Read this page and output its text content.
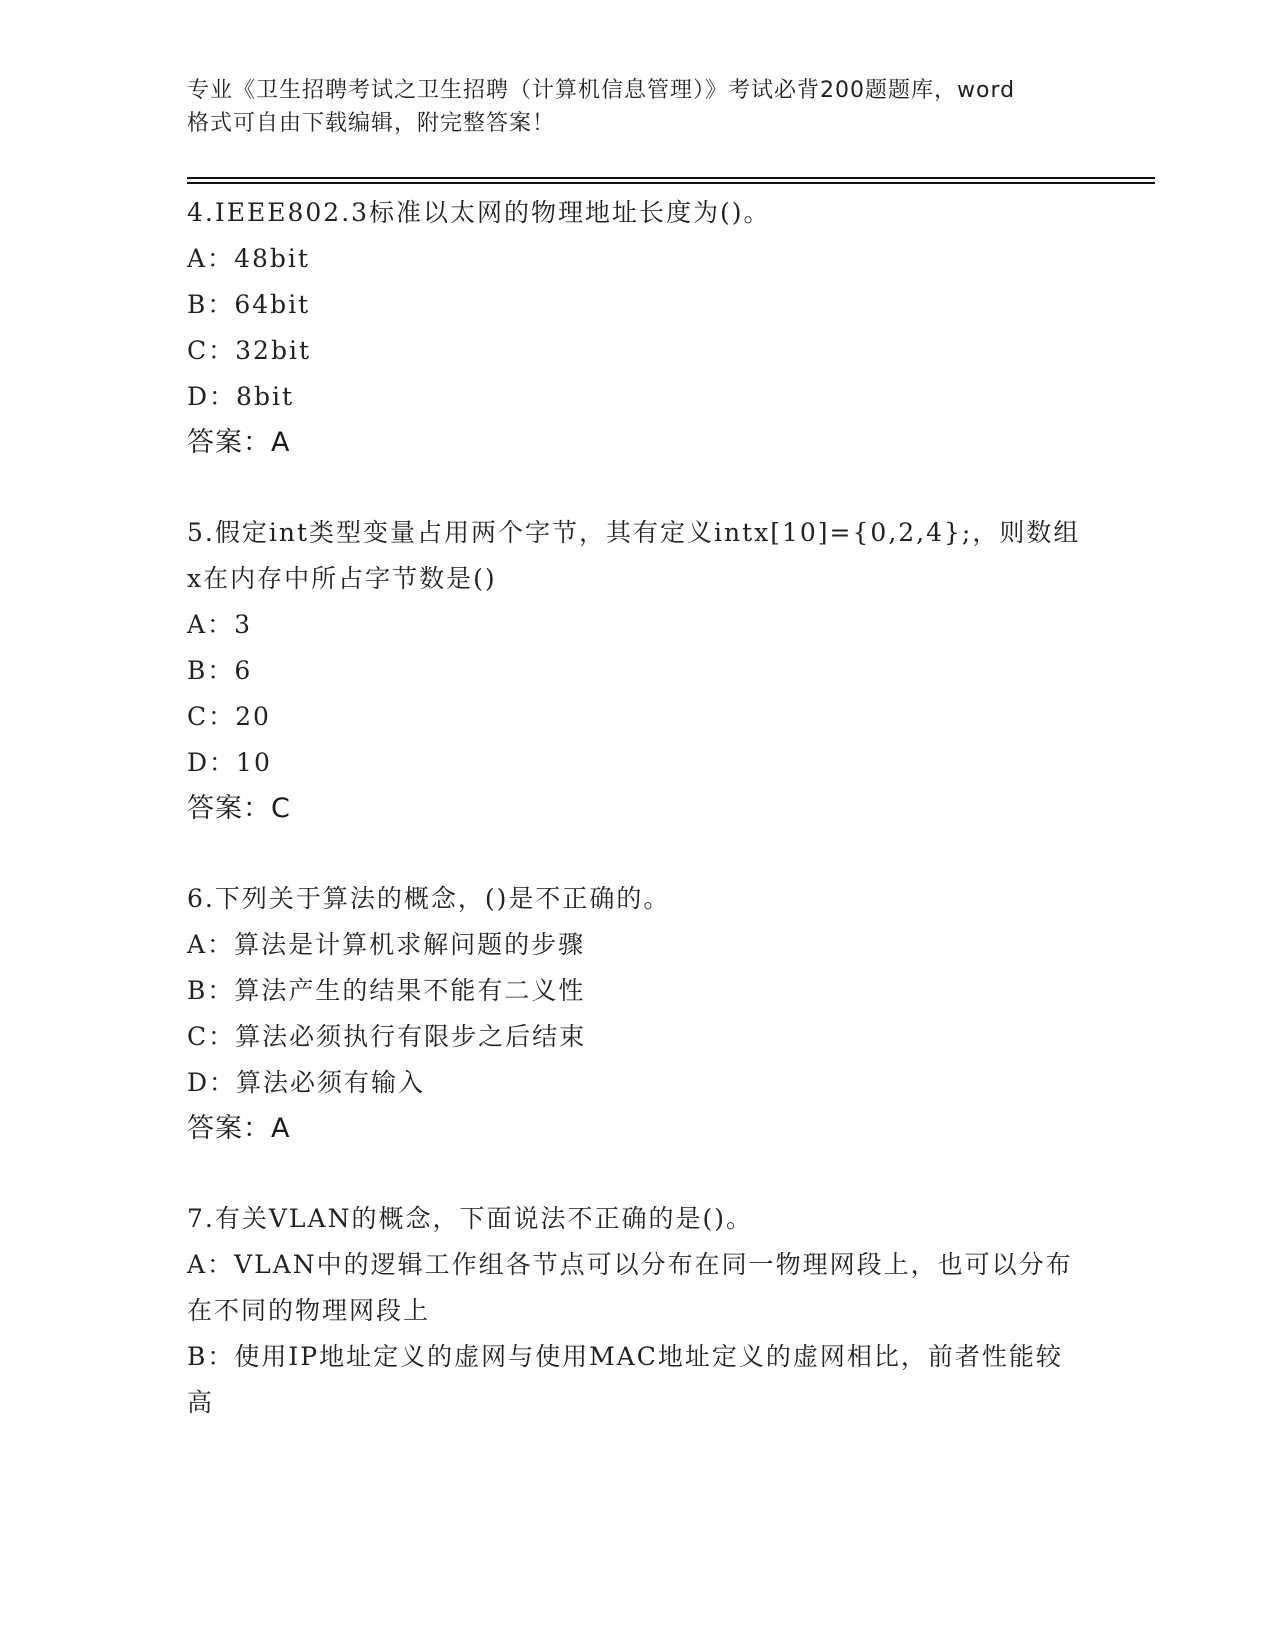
专业《卫生招聘考试之卫生招聘（计算机信息管理）》考试必背200题题库，word
格式可自由下载编辑，附完整答案！
4.IEEE802.3标准以太网的物理地址长度为()。
A：48bit
B：64bit
C：32bit
D：8bit
答案：A
5.假定int类型变量占用两个字节，其有定义intx[10]={0,2,4};，则数组x在内存中所占字节数是()
A：3
B：6
C：20
D：10
答案：C
6.下列关于算法的概念，()是不正确的。
A：算法是计算机求解问题的步骤
B：算法产生的结果不能有二义性
C：算法必须执行有限步之后结束
D：算法必须有输入
答案：A
7.有关VLAN的概念，下面说法不正确的是()。
A：VLAN中的逻辑工作组各节点可以分布在同一物理网段上，也可以分布在不同的物理网段上
B：使用IP地址定义的虚网与使用MAC地址定义的虚网相比，前者性能较高
